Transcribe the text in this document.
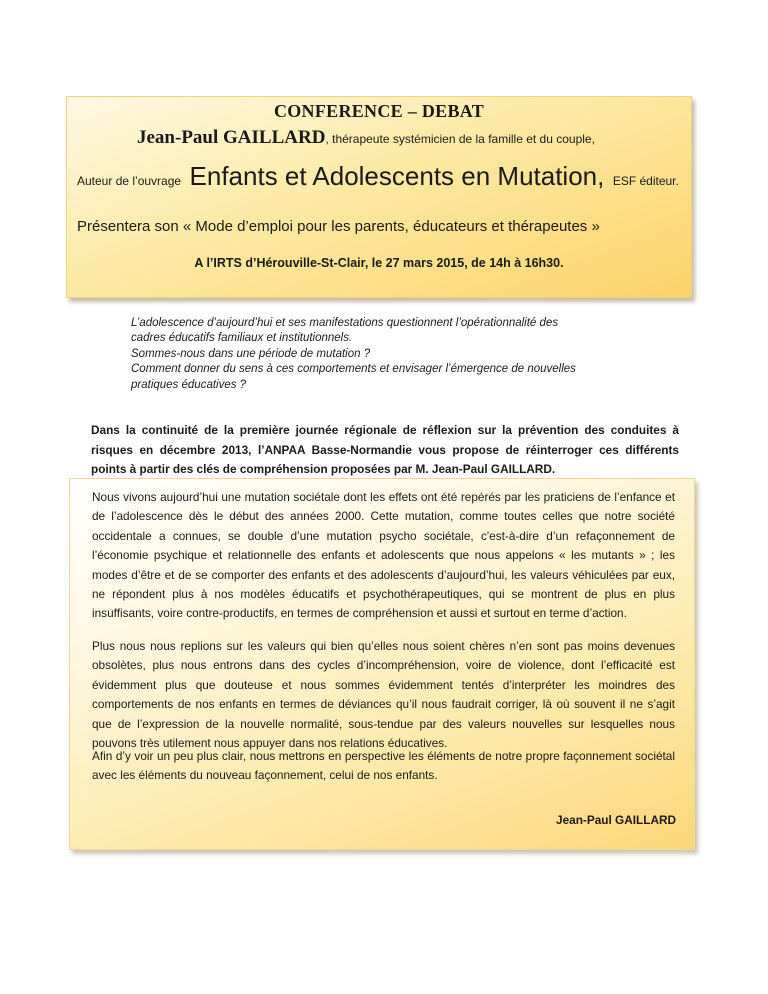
CONFERENCE – DEBAT
Jean-Paul GAILLARD, thérapeute systémicien de la famille et du couple,
Auteur de l’ouvrage Enfants et Adolescents en Mutation, ESF éditeur.
Présentera son « Mode d’emploi pour les parents, éducateurs et thérapeutes »
A l’IRTS d’Hérouville-St-Clair, le 27 mars 2015, de 14h à 16h30.
L’adolescence d’aujourd’hui et ses manifestations questionnent l’opérationnalité des
cadres éducatifs familiaux et institutionnels.
Sommes-nous dans une période de mutation ?
Comment donner du sens à ces comportements et envisager l’émergence de nouvelles
pratiques éducatives ?
Dans la continuité de la première journée régionale de réflexion sur la prévention des conduites à risques en décembre 2013, l’ANPAA Basse-Normandie vous propose de réinterroger ces différents points à partir des clés de compréhension proposées par M. Jean-Paul GAILLARD.

Nous vivons aujourd’hui une mutation sociétale dont les effets ont été repérés par les praticiens de l’enfance et de l’adolescence dès le début des années 2000. Cette mutation, comme toutes celles que notre société occidentale a connues, se double d’une mutation psycho sociétale, c'est-à-dire d’un refaçonnement de l’économie psychique et relationnelle des enfants et adolescents que nous appelons « les mutants » ; les modes d’être et de se comporter des enfants et des adolescents d’aujourd’hui, les valeurs véhiculées par eux, ne répondent plus à nos modèles éducatifs et psychothérapeutiques, qui se montrent de plus en plus insuffisants, voire contre-productifs, en termes de compréhension et aussi et surtout en terme d’action.

Plus nous nous replions sur les valeurs qui bien qu’elles nous soient chères n’en sont pas moins devenues obsolètes, plus nous entrons dans des cycles d’incompréhension, voire de violence, dont l’efficacité est évidemment plus que douteuse et nous sommes évidemment tentés d’interpréter les moindres des comportements de nos enfants en termes de déviances qu’il nous faudrait corriger, là où souvent il ne s’agit que de l’expression de la nouvelle normalité, sous-tendue par des valeurs nouvelles sur lesquelles nous pouvons très utilement nous appuyer dans nos relations éducatives.

Afin d’y voir un peu plus clair, nous mettrons en perspective les éléments de notre propre façonnement sociétal avec les éléments du nouveau façonnement, celui de nos enfants.

Jean-Paul GAILLARD
